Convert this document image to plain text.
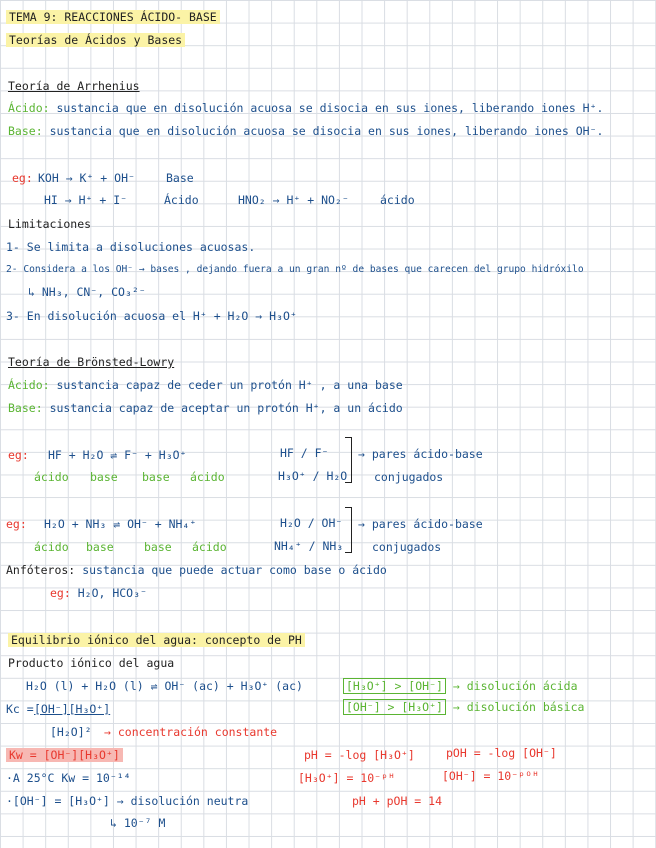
TEMA 9: REACCIONES ÁCIDO- BASE
Teorías de Ácidos y Bases
Teoría de Arrhenius
Ácido: sustancia que en disolución acuosa se disocia en sus iones, liberando iones H⁺.
Base: sustancia que en disolución acuosa se disocia en sus iones, liberando iones OH⁻.
eg: KOH → K⁺ + OH⁻	Base
HI → H⁺ + I⁻	Ácido	HNO₂ → H⁺ + NO₂⁻	ácido
Limitaciones
1- Se limita a disoluciones acuosas.
2- Considera a los OH⁻ → bases , dejando fuera a un gran nº de bases que carecen del grupo hidróxilo
↳ NH₃, CN⁻, CO₃²⁻
3- En disolución acuosa el H⁺ + H₂O → H₃O⁺
Teoría de Brönsted-Lowry
Ácido: sustancia capaz de ceder un protón H⁺ , a una base
Base: sustancia capaz de aceptar un protón H⁺, a un ácido
eg: HF + H₂O ⇌ F⁻ + H₃O⁺
ácido base base ácido
HF / F⁻
H₃O⁺ / H₂O
→ pares ácido-base
conjugados
eg: H₂O + NH₃ ⇌ OH⁻ + NH₄⁺
ácido base	base ácido
H₂O / OH⁻
NH₄⁺ / NH₃
→ pares ácido-base
conjugados
Anfóteros: sustancia que puede actuar como base o ácido
eg: H₂O, HCO₃⁻
Equilibrio iónico del agua: concepto de PH
Producto iónico del agua
H₂O (l) + H₂O (l) ⇌ OH⁻ (ac) + H₃O⁺ (ac)	[H₃O⁺] > [OH⁻] → disolución ácida
[OH⁻] > [H₃O⁺] → disolución básica
Kc = [OH⁻][H₃O⁺]
[H₂O]² → concentración constante
Kw = [OH⁻][H₃O⁺]
·A 25°C Kw = 10⁻¹⁴
·[OH⁻] = [H₃O⁺] → disolución neutra
↳ 10⁻⁷ M
pH = -log [H₃O⁺]	pOH = -log [OH⁻]
[H₃O⁺] = 10⁻ᵖᴴ	[OH⁻] = 10⁻ᵖᴼᴴ
pH + pOH = 14
